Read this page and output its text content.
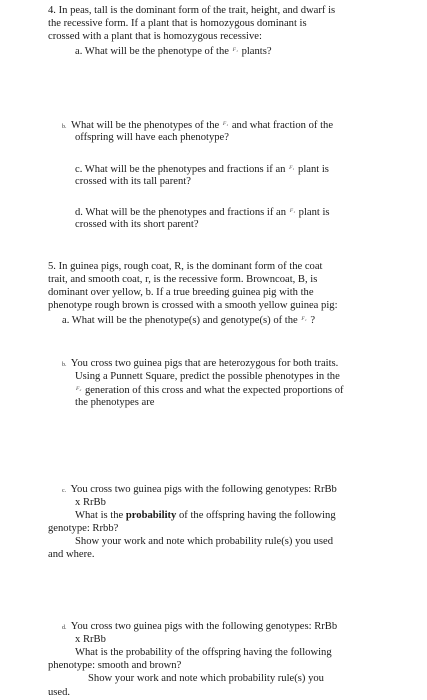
4. In peas, tall is the dominant form of the trait, height, and dwarf is
the recessive form. If a plant that is homozygous dominant is
crossed with a plant that is homozygous recessive:
a. What will be the phenotype of the $^{F_1}$ plants?
b. What will be the phenotypes of the $^{F_1}$ and what fraction of the
offspring will have each phenotype?
c. What will be the phenotypes and fractions if an $^{F_1}$ plant is
crossed with its tall parent?
d. What will be the phenotypes and fractions if an $^{F_1}$ plant is
crossed with its short parent?
5. In guinea pigs, rough coat, R, is the dominant form of the coat
trait, and smooth coat, r, is the recessive form. Browncoat, B, is
dominant over yellow, b. If a true breeding guinea pig with the
phenotype rough brown is crossed with a smooth yellow guinea pig:
a. What will be the phenotype(s) and genotype(s) of the $^{F_1}$ ?
b. You cross two guinea pigs that are heterozygous for both traits.
Using a Punnett Square, predict the possible phenotypes in the
$^{F_2}$ generation of this cross and what the expected proportions of
the phenotypes are
c. You cross two guinea pigs with the following genotypes: RrBb
x RrBb
What is the probability of the offspring having the following
genotype: Rrbb?
Show your work and note which probability rule(s) you used
and where.
d. You cross two guinea pigs with the following genotypes: RrBb
x RrBb
What is the probability of the offspring having the following
phenotype: smooth and brown?
Show your work and note which probability rule(s) you
used.
